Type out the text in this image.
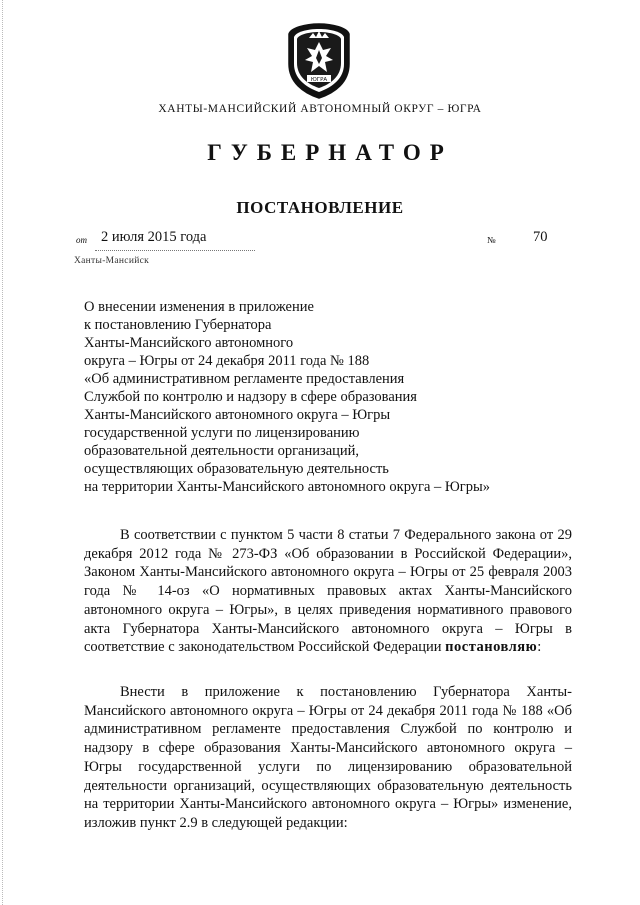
ЮГРА
ХАНТЫ-МАНСИЙСКИЙ АВТОНОМНЫЙ ОКРУГ – ЮГРА
ГУБЕРНАТОР
ПОСТАНОВЛЕНИЕ
от 2 июля 2015 года	№	70
Ханты-Мансийск
О внесении изменения в приложение
к постановлению Губернатора
Ханты-Мансийского автономного
округа – Югры от 24 декабря 2011 года № 188
«Об административном регламенте предоставления
Службой по контролю и надзору в сфере образования
Ханты-Мансийского автономного округа – Югры
государственной услуги по лицензированию
образовательной деятельности организаций,
осуществляющих образовательную деятельность
на территории Ханты-Мансийского автономного округа – Югры»
В соответствии с пунктом 5 части 8 статьи 7 Федерального закона от 29 декабря 2012 года № 273-ФЗ «Об образовании в Российской Федерации», Законом Ханты-Мансийского автономного округа – Югры от 25 февраля 2003 года № 14-оз «О нормативных правовых актах Ханты-Мансийского автономного округа – Югры», в целях приведения нормативного правового акта Губернатора Ханты-Мансийского автономного округа – Югры в соответствие с законодательством Российской Федерации постановляю:
Внести в приложение к постановлению Губернатора Ханты-Мансийского автономного округа – Югры от 24 декабря 2011 года № 188 «Об административном регламенте предоставления Службой по контролю и надзору в сфере образования Ханты-Мансийского автономного округа – Югры государственной услуги по лицензированию образовательной деятельности организаций, осуществляющих образовательную деятельность на территории Ханты-Мансийского автономного округа – Югры» изменение, изложив пункт 2.9 в следующей редакции:
